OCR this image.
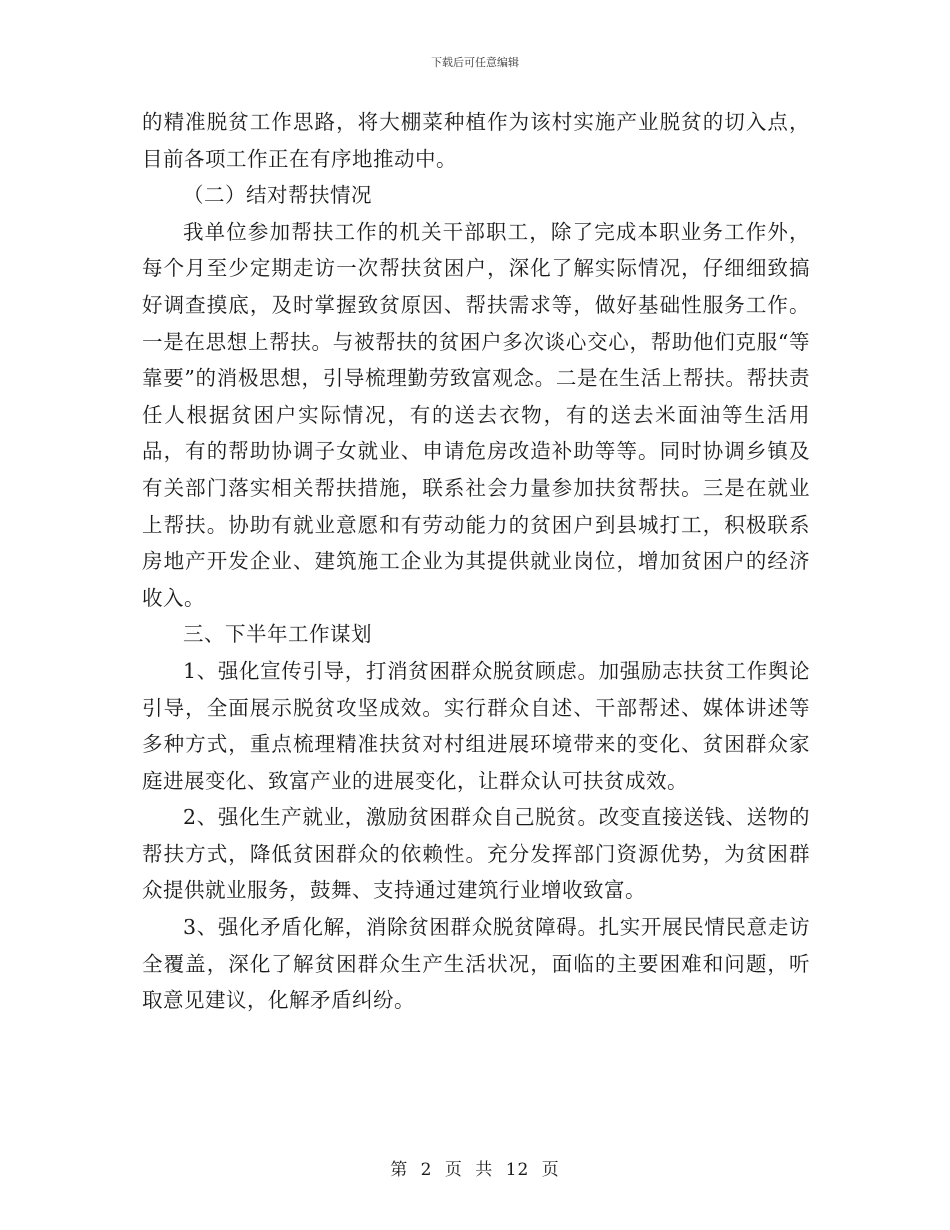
下载后可任意编辑

的精准脱贫工作思路，将大棚菜种植作为该村实施产业脱贫的切入点，目前各项工作正在有序地推动中。

（二）结对帮扶情况

我单位参加帮扶工作的机关干部职工，除了完成本职业务工作外，每个月至少定期走访一次帮扶贫困户，深化了解实际情况，仔细细致搞好调查摸底，及时掌握致贫原因、帮扶需求等，做好基础性服务工作。一是在思想上帮扶。与被帮扶的贫困户多次谈心交心，帮助他们克服“等靠要”的消极思想，引导梳理勤劳致富观念。二是在生活上帮扶。帮扶责任人根据贫困户实际情况，有的送去衣物，有的送去米面油等生活用品，有的帮助协调子女就业、申请危房改造补助等等。同时协调乡镇及有关部门落实相关帮扶措施，联系社会力量参加扶贫帮扶。三是在就业上帮扶。协助有就业意愿和有劳动能力的贫困户到县城打工，积极联系房地产开发企业、建筑施工企业为其提供就业岗位，增加贫困户的经济收入。

三、下半年工作谋划

1、强化宣传引导，打消贫困群众脱贫顾虑。加强励志扶贫工作舆论引导，全面展示脱贫攻坚成效。实行群众自述、干部帮述、媒体讲述等多种方式，重点梳理精准扶贫对村组进展环境带来的变化、贫困群众家庭进展变化、致富产业的进展变化，让群众认可扶贫成效。

2、强化生产就业，激励贫困群众自己脱贫。改变直接送钱、送物的帮扶方式，降低贫困群众的依赖性。充分发挥部门资源优势，为贫困群众提供就业服务，鼓舞、支持通过建筑行业增收致富。

3、强化矛盾化解，消除贫困群众脱贫障碍。扎实开展民情民意走访全覆盖，深化了解贫困群众生产生活状况，面临的主要困难和问题，听取意见建议，化解矛盾纠纷。

第 2 页 共 12 页
